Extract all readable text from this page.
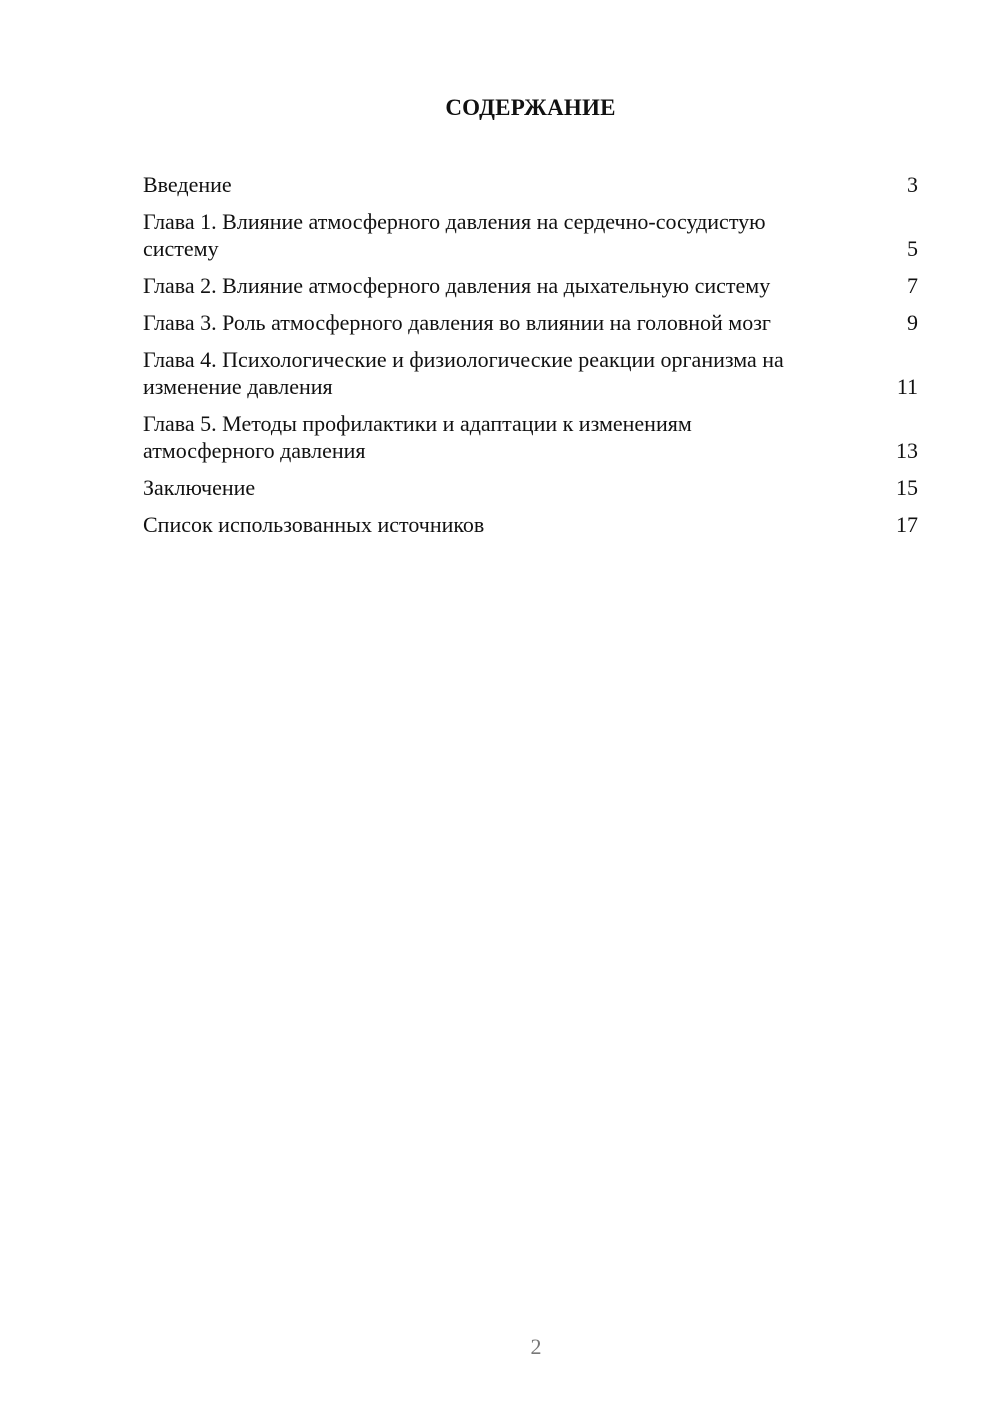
СОДЕРЖАНИЕ
Введение	3
Глава 1. Влияние атмосферного давления на сердечно-сосудистую систему	5
Глава 2. Влияние атмосферного давления на дыхательную систему	7
Глава 3. Роль атмосферного давления во влиянии на головной мозг	9
Глава 4. Психологические и физиологические реакции организма на изменение давления	11
Глава 5. Методы профилактики и адаптации к изменениям атмосферного давления	13
Заключение	15
Список использованных источников	17
2
